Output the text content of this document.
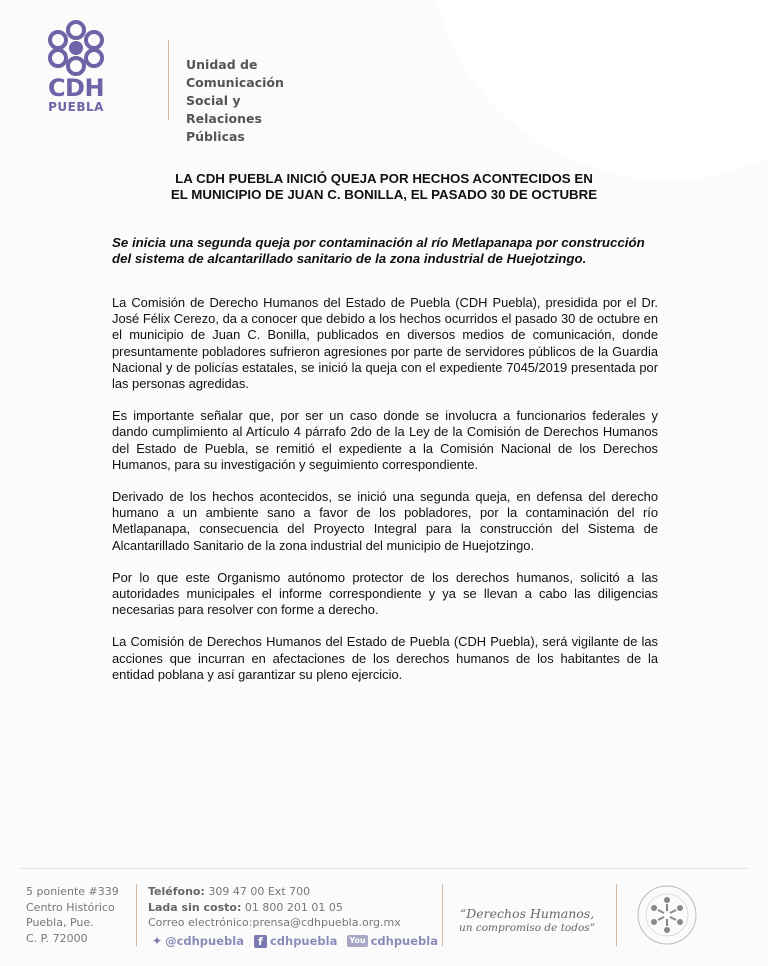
CDH
PUEBLA
Unidad de
Comunicación Social y
Relaciones Públicas
LA CDH PUEBLA INICIÓ QUEJA POR HECHOS ACONTECIDOS EN
EL MUNICIPIO DE JUAN C. BONILLA, EL PASADO 30 DE OCTUBRE
Se inicia una segunda queja por contaminación al río Metlapanapa por construcción del sistema de alcantarillado sanitario de la zona industrial de Huejotzingo.

La Comisión de Derecho Humanos del Estado de Puebla (CDH Puebla), presidida por el Dr. José Félix Cerezo, da a conocer que debido a los hechos ocurridos el pasado 30 de octubre en el municipio de Juan C. Bonilla, publicados en diversos medios de comunicación, donde presuntamente pobladores sufrieron agresiones por parte de servidores públicos de la Guardia Nacional y de policías estatales, se inició la queja con el expediente 7045/2019 presentada por las personas agredidas.

Es importante señalar que, por ser un caso donde se involucra a funcionarios federales y dando cumplimiento al Artículo 4 párrafo 2do de la Ley de la Comisión de Derechos Humanos del Estado de Puebla, se remitió el expediente a la Comisión Nacional de los Derechos Humanos, para su investigación y seguimiento correspondiente.

Derivado de los hechos acontecidos, se inició una segunda queja, en defensa del derecho humano a un ambiente sano a favor de los pobladores, por la contaminación del río Metlapanapa, consecuencia del Proyecto Integral para la construcción del Sistema de Alcantarillado Sanitario de la zona industrial del municipio de Huejotzingo.

Por lo que este Organismo autónomo protector de los derechos humanos, solicitó a las autoridades municipales el informe correspondiente y ya se llevan a cabo las diligencias necesarias para resolver con forme a derecho.

La Comisión de Derechos Humanos del Estado de Puebla (CDH Puebla), será vigilante de las acciones que incurran en afectaciones de los derechos humanos de los habitantes de la entidad poblana y así garantizar su pleno ejercicio.

5 poniente #339
Centro Histórico
Puebla, Pue.
C. P. 72000
Teléfono: 309 47 00 Ext 700
Lada sin costo: 01 800 201 01 05
Correo electrónico:prensa@cdhpuebla.org.mx
✦ @cdhpuebla	f cdhpuebla You cdhpuebla
“Derechos Humanos,
un compromiso de todos”
